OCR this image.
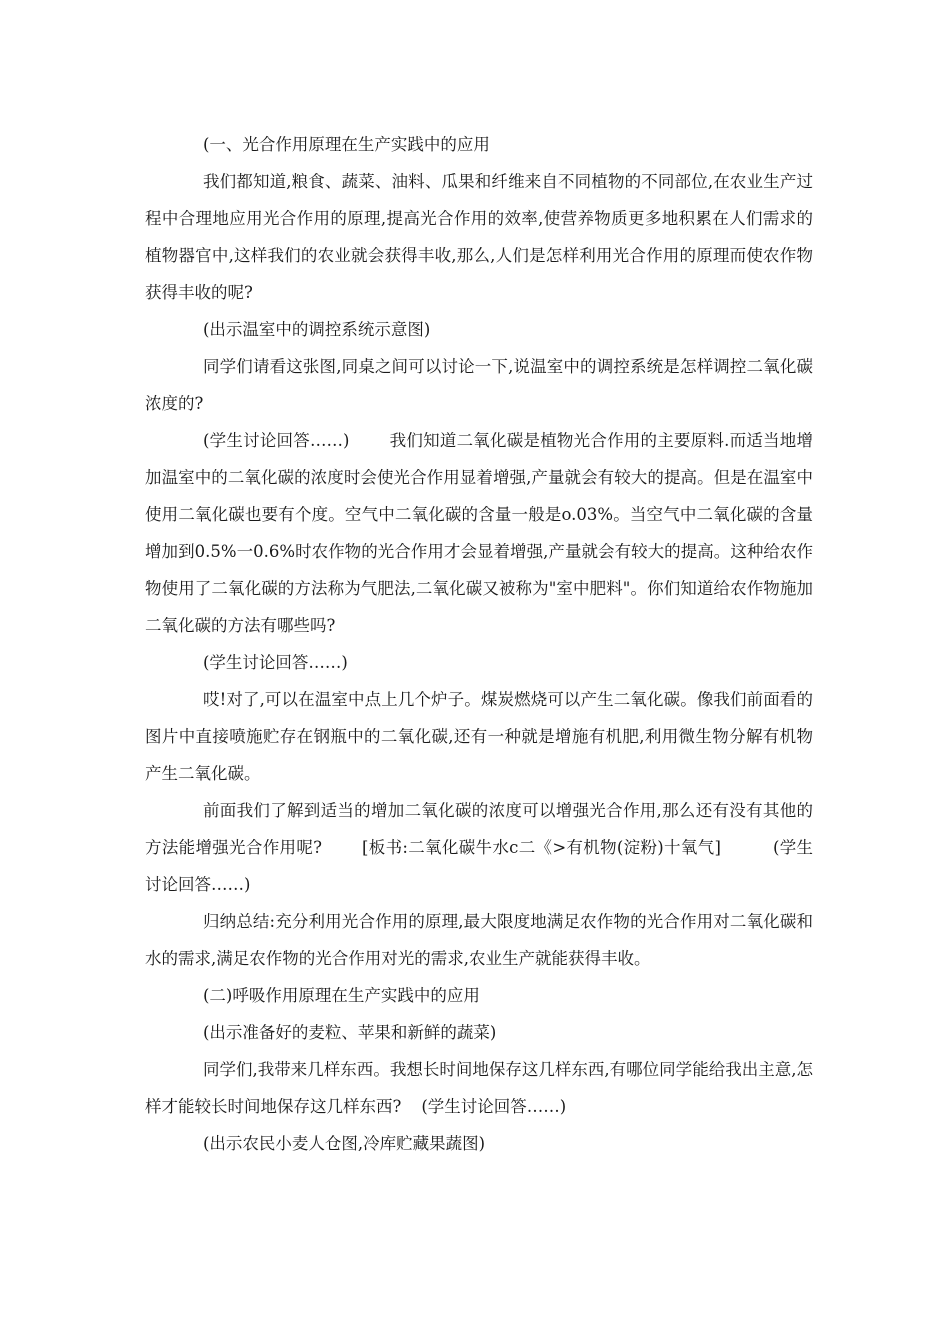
(一、光合作用原理在生产实践中的应用

我们都知道,粮食、蔬菜、油料、瓜果和纤维来自不同植物的不同部位,在农业生产过程中合理地应用光合作用的原理,提高光合作用的效率,使营养物质更多地积累在人们需求的植物器官中,这样我们的农业就会获得丰收,那么,人们是怎样利用光合作用的原理而使农作物获得丰收的呢?

(出示温室中的调控系统示意图)

同学们请看这张图,同桌之间可以讨论一下,说温室中的调控系统是怎样调控二氧化碳浓度的?

(学生讨论回答……) 我们知道二氧化碳是植物光合作用的主要原料.而适当地增加温室中的二氧化碳的浓度时会使光合作用显着增强,产量就会有较大的提高。但是在温室中使用二氧化碳也要有个度。空气中二氧化碳的含量一般是o.03%。当空气中二氧化碳的含量增加到0.5%一0.6%时农作物的光合作用才会显着增强,产量就会有较大的提高。这种给农作物使用了二氧化碳的方法称为气肥法,二氧化碳又被称为"室中肥料"。你们知道给农作物施加二氧化碳的方法有哪些吗?

(学生讨论回答……)

哎!对了,可以在温室中点上几个炉子。煤炭燃烧可以产生二氧化碳。像我们前面看的图片中直接喷施贮存在钢瓶中的二氧化碳,还有一种就是增施有机肥,利用微生物分解有机物产生二氧化碳。

前面我们了解到适当的增加二氧化碳的浓度可以增强光合作用,那么还有没有其他的方法能增强光合作用呢? [板书:二氧化碳牛水c二《>有机物(淀粉)十氧气]	(学生讨论回答……)

归纳总结:充分利用光合作用的原理,最大限度地满足农作物的光合作用对二氧化碳和水的需求,满足农作物的光合作用对光的需求,农业生产就能获得丰收。

(二)呼吸作用原理在生产实践中的应用

(出示准备好的麦粒、苹果和新鲜的蔬菜)

同学们,我带来几样东西。我想长时间地保存这几样东西,有哪位同学能给我出主意,怎样才能较长时间地保存这几样东西? (学生讨论回答……)

(出示农民小麦人仓图,冷库贮藏果蔬图)
